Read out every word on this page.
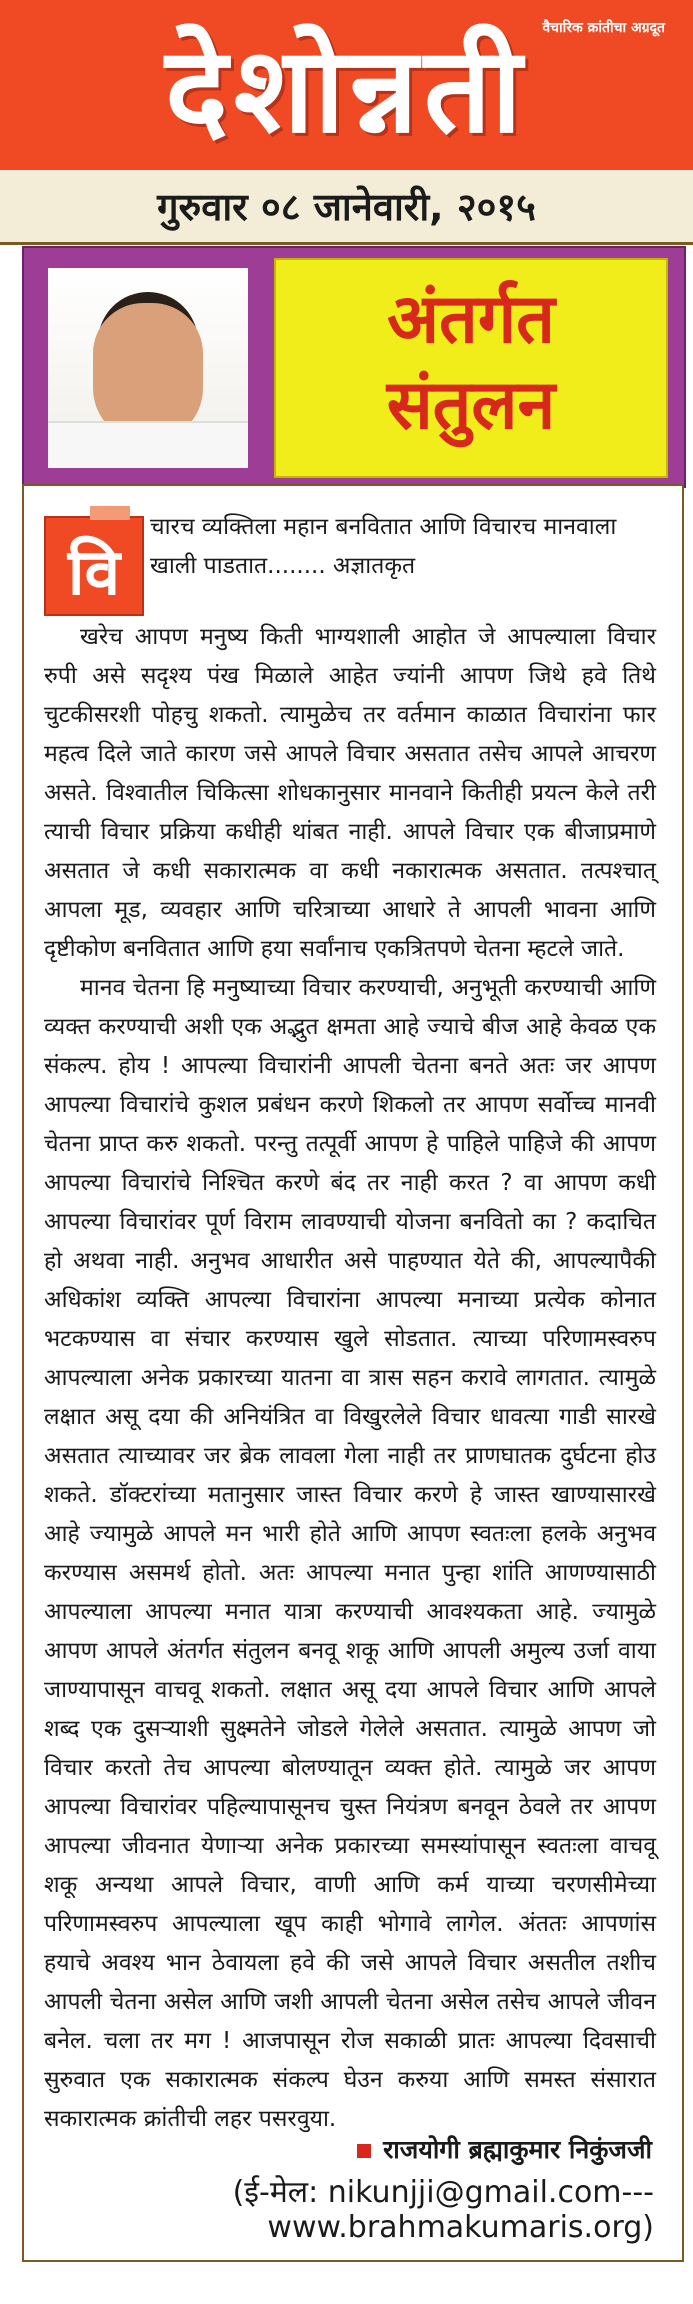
वैचारिक क्रांतीचा अग्रदूत
देशोन्नती
गुरुवार ०८ जानेवारी, २०१५
अंतर्गत
संतुलन
वि
चारच व्यक्तिला महान बनवितात आणि विचारच मानवाला खाली पाडतात........ अज्ञातकृत

खरेच आपण मनुष्य किती भाग्यशाली आहोत जे आपल्याला विचार रुपी असे सदृश्य पंख मिळाले आहेत ज्यांनी आपण जिथे हवे तिथे चुटकीसरशी पोहचु शकतो. त्यामुळेच तर वर्तमान काळात विचारांना फार महत्व दिले जाते कारण जसे आपले विचार असतात तसेच आपले आचरण असते. विश्वातील चिकित्सा शोधकानुसार मानवाने कितीही प्रयत्न केले तरी त्याची विचार प्रक्रिया कधीही थांबत नाही. आपले विचार एक बीजाप्रमाणे असतात जे कधी सकारात्मक वा कधी नकारात्मक असतात. तत्पश्चात् आपला मूड, व्यवहार आणि चरित्राच्या आधारे ते आपली भावना आणि दृष्टीकोण बनवितात आणि हया सर्वांनाच एकत्रितपणे चेतना म्हटले जाते.

मानव चेतना हि मनुष्याच्या विचार करण्याची, अनुभूती करण्याची आणि व्यक्त करण्याची अशी एक अद्भुत क्षमता आहे ज्याचे बीज आहे केवळ एक संकल्प. होय ! आपल्या विचारांनी आपली चेतना बनते अतः जर आपण आपल्या विचारांचे कुशल प्रबंधन करणे शिकलो तर आपण सर्वोच्च मानवी चेतना प्राप्त करु शकतो. परन्तु तत्पूर्वी आपण हे पाहिले पाहिजे की आपण आपल्या विचारांचे निश्चित करणे बंद तर नाही करत ? वा आपण कधी आपल्या विचारांवर पूर्ण विराम लावण्याची योजना बनवितो का ? कदाचित हो अथवा नाही. अनुभव आधारीत असे पाहण्यात येते की, आपल्यापैकी अधिकांश व्यक्ति आपल्या विचारांना आपल्या मनाच्या प्रत्येक कोनात भटकण्यास वा संचार करण्यास खुले सोडतात. त्याच्या परिणामस्वरुप आपल्याला अनेक प्रकारच्या यातना वा त्रास सहन करावे लागतात. त्यामुळे लक्षात असू दया की अनियंत्रित वा विखुरलेले विचार धावत्या गाडी सारखे असतात त्याच्यावर जर ब्रेक लावला गेला नाही तर प्राणघातक दुर्घटना होउ शकते. डॉक्टरांच्या मतानुसार जास्त विचार करणे हे जास्त खाण्यासारखे आहे ज्यामुळे आपले मन भारी होते आणि आपण स्वतःला हलके अनुभव करण्यास असमर्थ होतो. अतः आपल्या मनात पुन्हा शांति आणण्यासाठी आपल्याला आपल्या मनात यात्रा करण्याची आवश्यकता आहे. ज्यामुळे आपण आपले अंतर्गत संतुलन बनवू शकू आणि आपली अमुल्य उर्जा वाया जाण्यापासून वाचवू शकतो. लक्षात असू दया आपले विचार आणि आपले शब्द एक दुसऱ्याशी सुक्ष्मतेने जोडले गेलेले असतात. त्यामुळे आपण जो विचार करतो तेच आपल्या बोलण्यातून व्यक्त होते. त्यामुळे जर आपण आपल्या विचारांवर पहिल्यापासूनच चुस्त नियंत्रण बनवून ठेवले तर आपण आपल्या जीवनात येणाऱ्या अनेक प्रकारच्या समस्यांपासून स्वतःला वाचवू शकू अन्यथा आपले विचार, वाणी आणि कर्म याच्या चरणसीमेच्या परिणामस्वरुप आपल्याला खूप काही भोगावे लागेल. अंततः आपणांस हयाचे अवश्य भान ठेवायला हवे की जसे आपले विचार असतील तशीच आपली चेतना असेल आणि जशी आपली चेतना असेल तसेच आपले जीवन बनेल. चला तर मग ! आजपासून रोज सकाळी प्रातः आपल्या दिवसाची सुरुवात एक सकारात्मक संकल्प घेउन करुया आणि समस्त संसारात सकारात्मक क्रांतीची लहर पसरवुया.

राजयोगी ब्रह्माकुमार निकुंजजी
(ई-मेल: nikunjji@gmail.com---
www.brahmakumaris.org)
